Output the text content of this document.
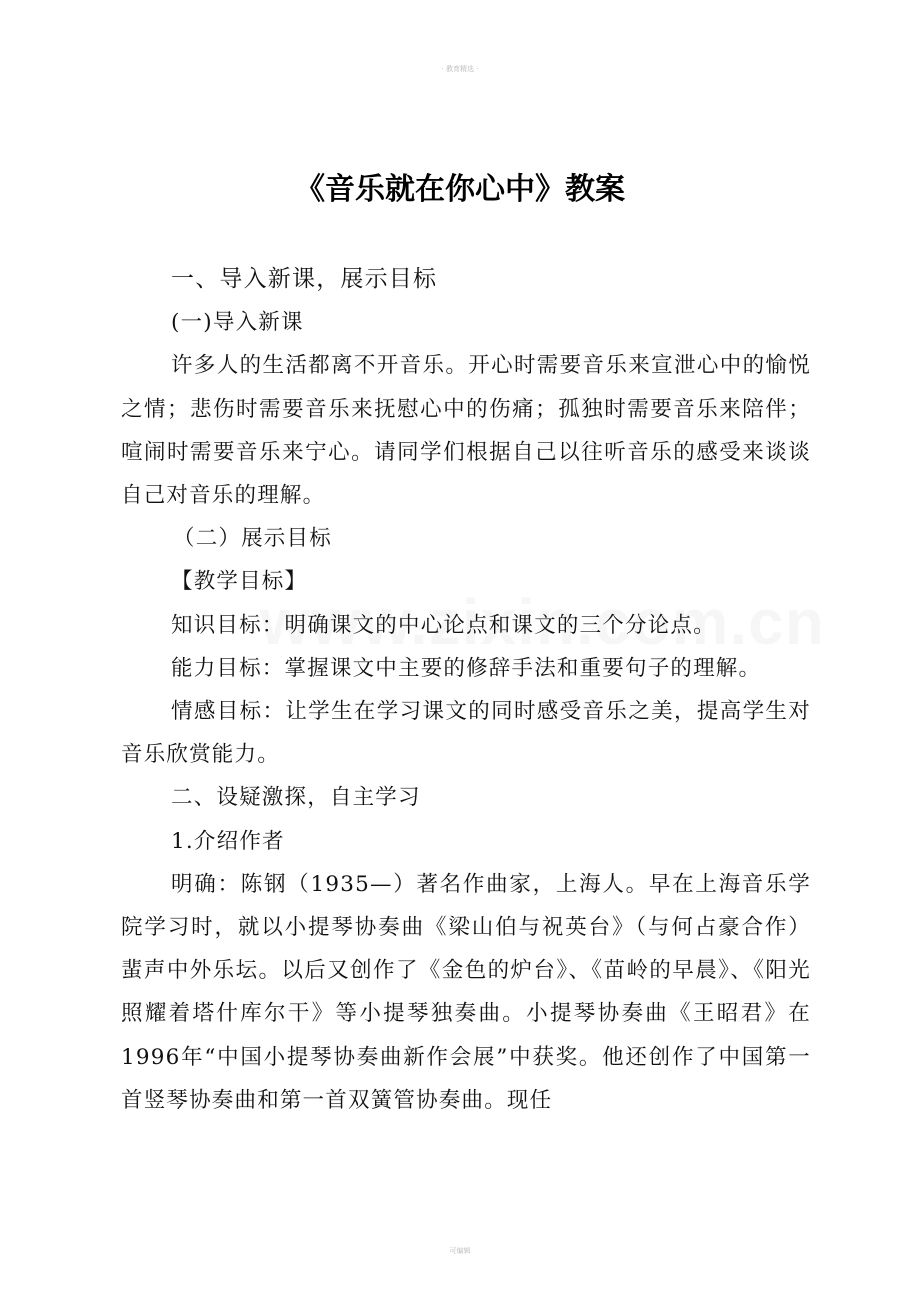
· 教育精选 ·
《音乐就在你心中》教案

一、导入新课，展示目标

(一)导入新课

许多人的生活都离不开音乐。开心时需要音乐来宣泄心中的愉悦之情；悲伤时需要音乐来抚慰心中的伤痛；孤独时需要音乐来陪伴；喧闹时需要音乐来宁心。请同学们根据自己以往听音乐的感受来谈谈自己对音乐的理解。

（二）展示目标

【教学目标】

知识目标：明确课文的中心论点和课文的三个分论点。

能力目标：掌握课文中主要的修辞手法和重要句子的理解。

情感目标：让学生在学习课文的同时感受音乐之美，提高学生对音乐欣赏能力。

二、设疑激探，自主学习

1.介绍作者

明确：陈钢（1935—）著名作曲家，上海人。早在上海音乐学院学习时，就以小提琴协奏曲《梁山伯与祝英台》（与何占豪合作）蜚声中外乐坛。以后又创作了《金色的炉台》、《苗岭的早晨》、《阳光照耀着塔什库尔干》等小提琴独奏曲。小提琴协奏曲《王昭君》在1996年“中国小提琴协奏曲新作会展”中获奖。他还创作了中国第一首竖琴协奏曲和第一首双簧管协奏曲。现任

可编辑
